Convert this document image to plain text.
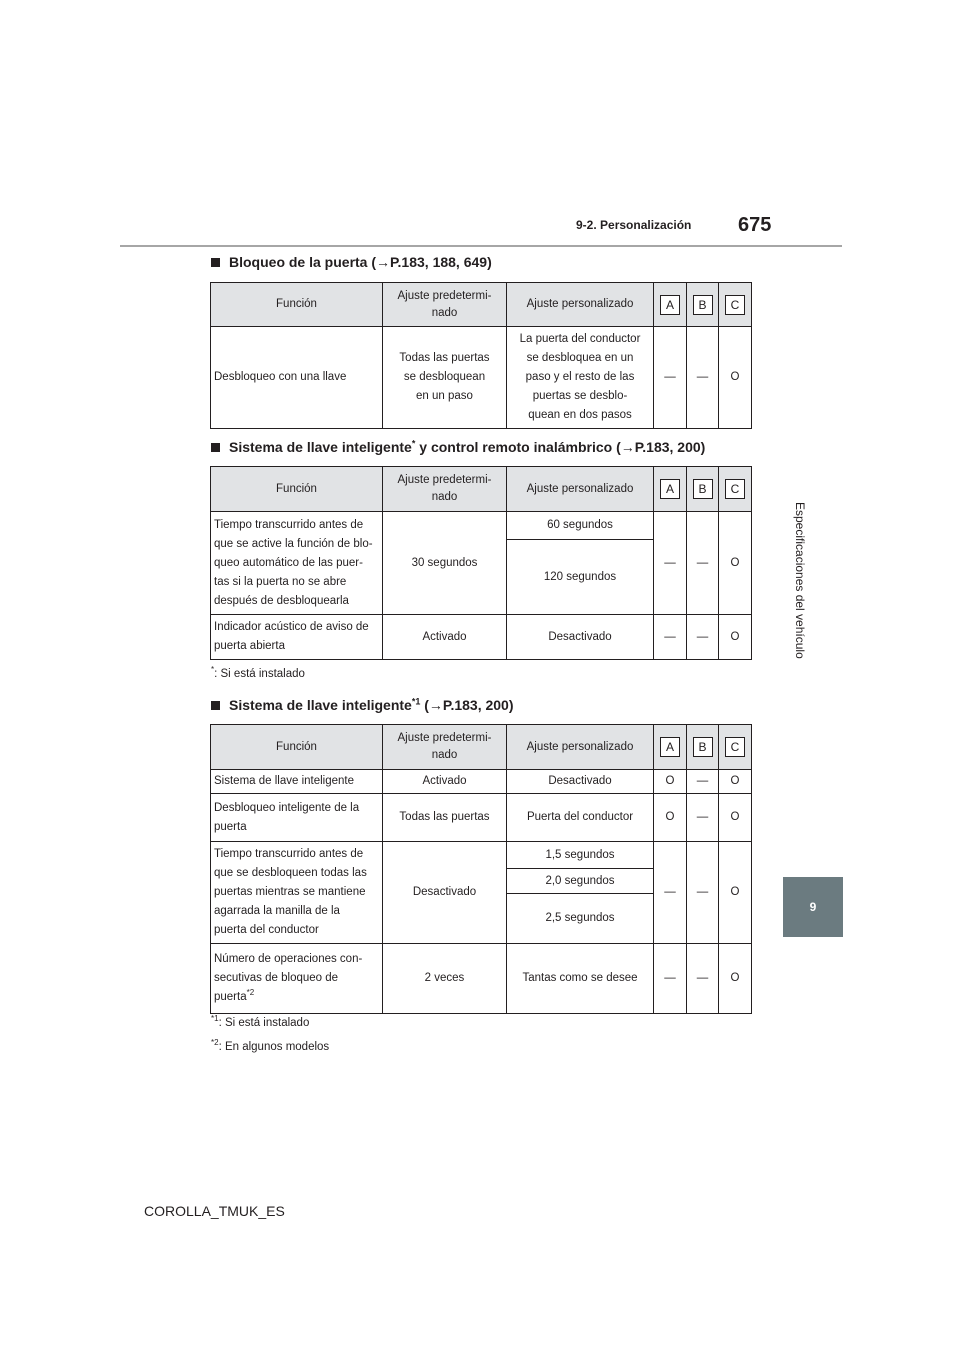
9-2. Personalización 675
Especificaciones del vehículo
9
Bloqueo de la puerta (→P.183, 188, 649)
Función	Ajuste predetermi-
nado	Ajuste personalizado	A	B	C
Desbloqueo con una llave	Todas las puertas
se desbloquean
en un paso	La puerta del conductor
se desbloquea en un
paso y el resto de las
puertas se desblo-
quean en dos pasos	—	—	O
Sistema de llave inteligente* y control remoto inalámbrico (→P.183, 200)
Función	Ajuste predetermi-
nado	Ajuste personalizado	A	B	C
Tiempo transcurrido antes de
que se active la función de blo-
queo automático de las puer-
tas si la puerta no se abre
después de desbloquearla	30 segundos	60 segundos	—	—	O
		120 segundos			
Indicador acústico de aviso de
puerta abierta	Activado	Desactivado	—	—	O
*: Si está instalado
Sistema de llave inteligente$^{*1}$ (→P.183, 200)
Función	Ajuste predetermi-
nado	Ajuste personalizado	A	B	C
Sistema de llave inteligente	Activado	Desactivado	O	—	O
Desbloqueo inteligente de la
puerta	Todas las puertas	Puerta del conductor	O	—	O
Tiempo transcurrido antes de
que se desbloqueen todas las
puertas mientras se mantiene
agarrada la manilla de la
puerta del conductor	Desactivado	1,5 segundos	—	—	O
		2,0 segundos			
		2,5 segundos			
Número de operaciones con-
secutivas de bloqueo de
puerta$^{*2}$	2 veces	Tantas como se desee	—	—	O
$^{*1}$: Si está instalado
$^{*2}$: En algunos modelos
COROLLA_TMUK_ES
